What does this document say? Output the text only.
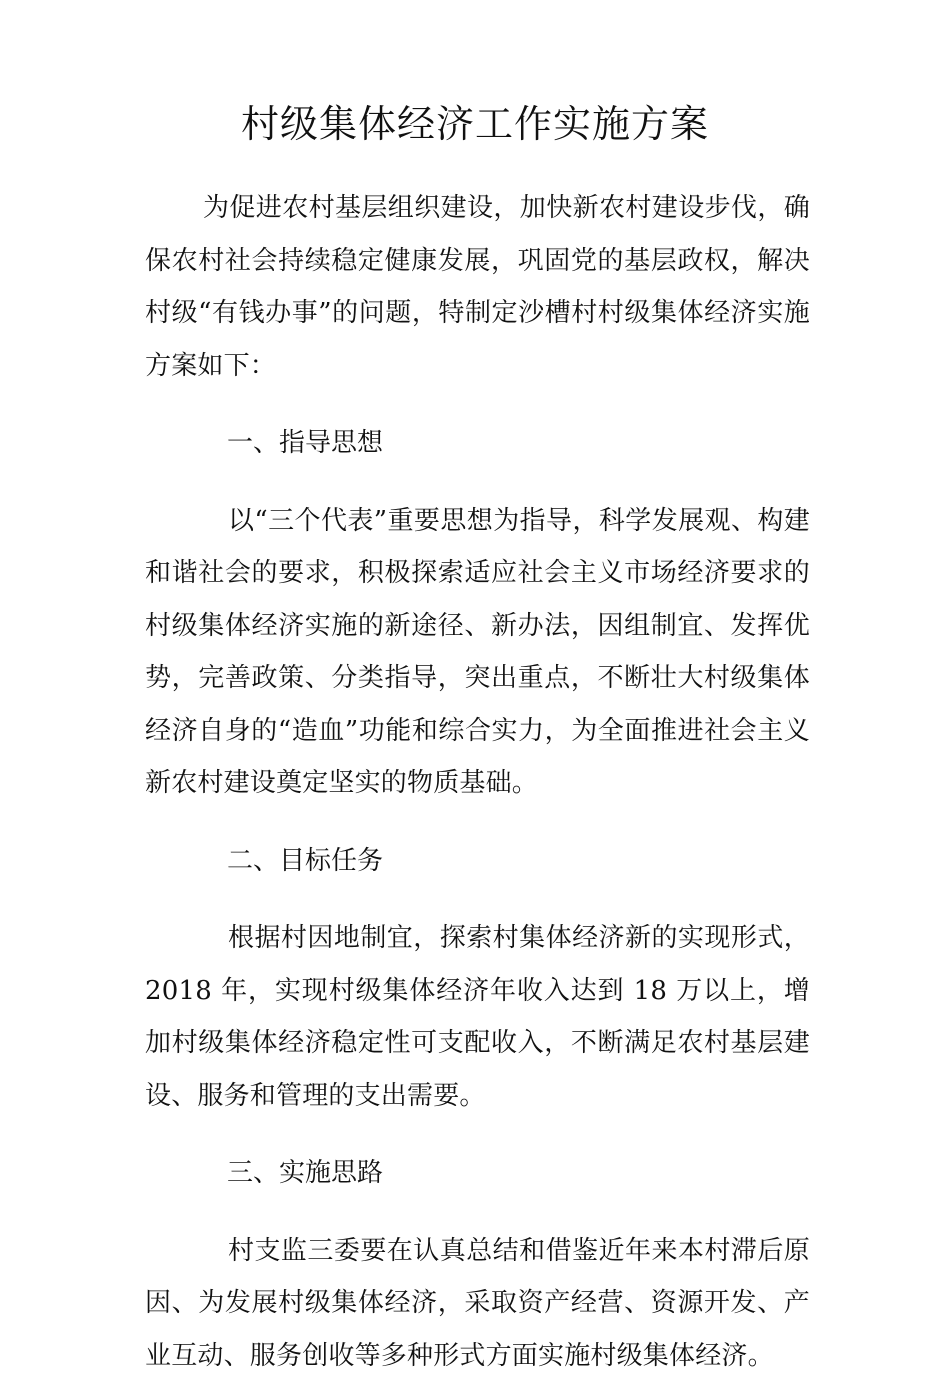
村级集体经济工作实施方案

为促进农村基层组织建设，加快新农村建设步伐，确保农村社会持续稳定健康发展，巩固党的基层政权，解决村级“有钱办事”的问题，特制定沙槽村村级集体经济实施方案如下：

一、指导思想

以“三个代表”重要思想为指导，科学发展观、构建和谐社会的要求，积极探索适应社会主义市场经济要求的村级集体经济实施的新途径、新办法，因组制宜、发挥优势，完善政策、分类指导，突出重点，不断壮大村级集体经济自身的“造血”功能和综合实力，为全面推进社会主义新农村建设奠定坚实的物质基础。

二、目标任务

根据村因地制宜，探索村集体经济新的实现形式，2018 年，实现村级集体经济年收入达到 18 万以上，增加村级集体经济稳定性可支配收入，不断满足农村基层建设、服务和管理的支出需要。

三、实施思路

村支监三委要在认真总结和借鉴近年来本村滞后原因、为发展村级集体经济，采取资产经营、资源开发、产业互动、服务创收等多种形式方面实施村级集体经济。
